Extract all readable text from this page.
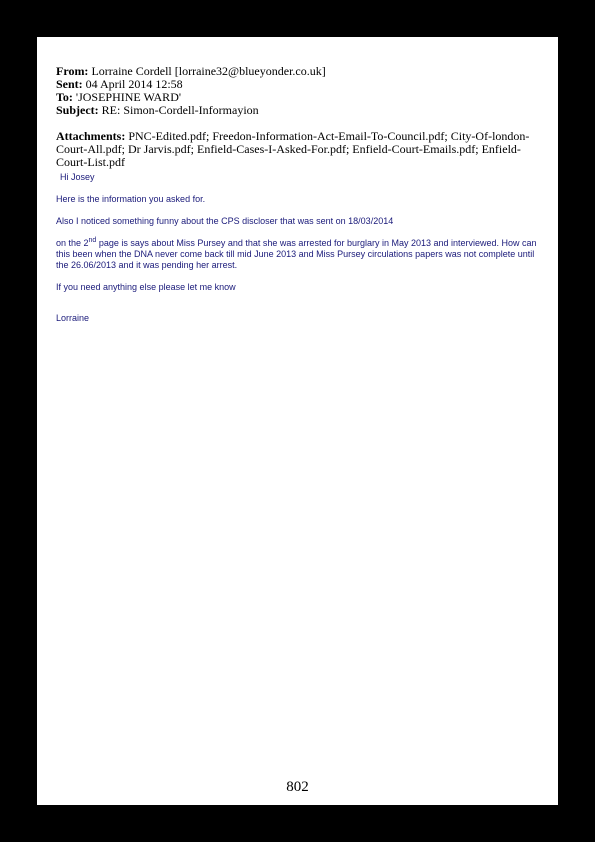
From: Lorraine Cordell [lorraine32@blueyonder.co.uk]
Sent: 04 April 2014 12:58
To: 'JOSEPHINE WARD'
Subject: RE: Simon-Cordell-Informayion
Attachments: PNC-Edited.pdf; Freedon-Information-Act-Email-To-Council.pdf; City-Of-london-Court-All.pdf; Dr Jarvis.pdf; Enfield-Cases-I-Asked-For.pdf; Enfield-Court-Emails.pdf; Enfield-Court-List.pdf

Hi Josey

Here is the information you asked for.

Also I noticed something funny about the CPS discloser that was sent on 18/03/2014

on the 2nd page is says about Miss Pursey and that she was arrested for burglary in May 2013 and interviewed. How can this been when the DNA never come back till mid June 2013 and Miss Pursey circulations papers was not complete until the 26.06/2013 and it was pending her arrest.

If you need anything else please let me know

Lorraine

802
